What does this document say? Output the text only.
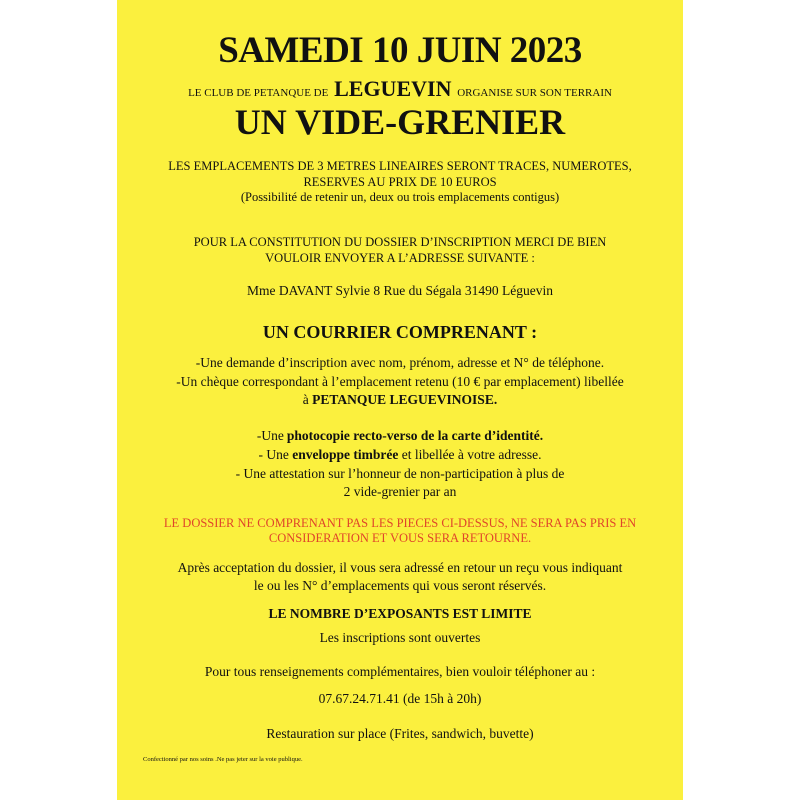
SAMEDI 10 JUIN 2023
LE CLUB DE PETANQUE DE LEGUEVIN ORGANISE SUR SON TERRAIN
UN VIDE-GRENIER
LES EMPLACEMENTS DE 3 METRES LINEAIRES SERONT TRACES, NUMEROTES,
RESERVES AU PRIX DE 10 EUROS
(Possibilité de retenir un, deux ou trois emplacements contigus)
POUR LA CONSTITUTION DU DOSSIER D’INSCRIPTION MERCI DE BIEN
VOULOIR ENVOYER A L’ADRESSE SUIVANTE :
Mme DAVANT Sylvie 8 Rue du Ségala 31490 Léguevin
UN COURRIER COMPRENANT :
-Une demande d’inscription avec nom, prénom, adresse et N° de téléphone.
-Un chèque correspondant à l’emplacement retenu (10 € par emplacement) libellée
à PETANQUE LEGUEVINOISE.
-Une photocopie recto-verso de la carte d’identité.
- Une enveloppe timbrée et libellée à votre adresse.
- Une attestation sur l’honneur de non-participation à plus de
2 vide-grenier par an
LE DOSSIER NE COMPRENANT PAS LES PIECES CI-DESSUS, NE SERA PAS PRIS EN
CONSIDERATION ET VOUS SERA RETOURNE.
Après acceptation du dossier, il vous sera adressé en retour un reçu vous indiquant
le ou les N° d’emplacements qui vous seront réservés.
LE NOMBRE D’EXPOSANTS EST LIMITE
Les inscriptions sont ouvertes
Pour tous renseignements complémentaires, bien vouloir téléphoner au :
07.67.24.71.41 (de 15h à 20h)
Restauration sur place (Frites, sandwich, buvette)
Confectionné par nos soins .Ne pas jeter sur la voie publique.
